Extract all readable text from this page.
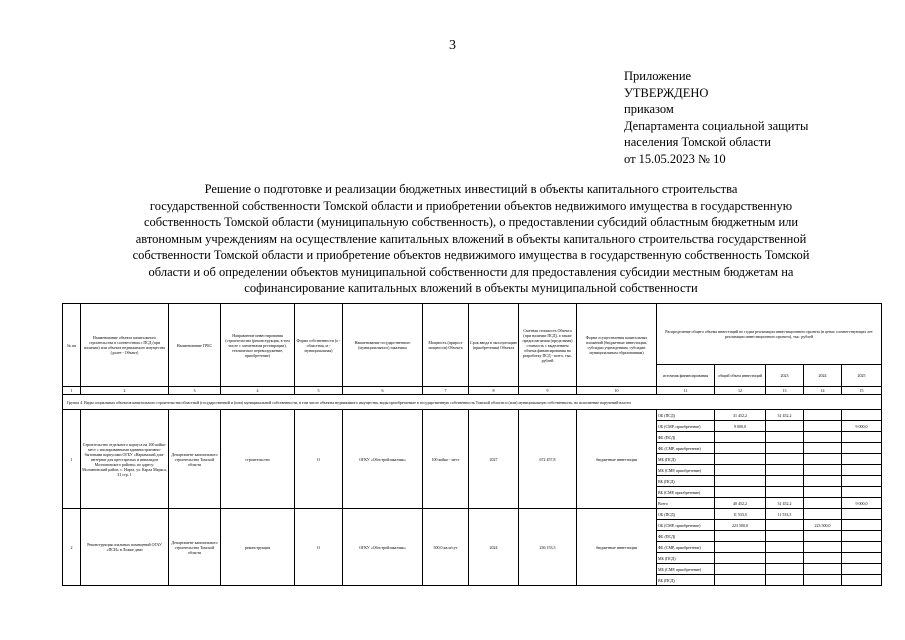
3
Приложение
УТВЕРЖДЕНО
приказом
Департамента социальной защиты
населения Томской области
от 15.05.2023 № 10
Решение о подготовке и реализации бюджетных инвестиций в объекты капитального строительства
государственной собственности Томской области и приобретении объектов недвижимого имущества в государственную
собственность Томской области (муниципальную собственность), о предоставлении субсидий областным бюджетным или
автономным учреждениям на осуществление капитальных вложений в объекты капитального строительства государственной
собственности Томской области и приобретение объектов недвижимого имущества в государственную собственность Томской
области и об определении объектов муниципальной собственности для предоставления субсидии местным бюджетам на
софинансирование капитальных вложений в объекты муниципальной собственности
№ пп	Наименование объекта капитального строительства в соответствии с ПСД (при наличии) или объекта недвижимого имущества (далее - Объект)	Наименование ГРБС	Направление инвестирования (строительство (реконструкция, в том числе с элементами реставрации), техническое перевооружение, приобретение)	Форма собственности (о - областная, м - муниципальная)	Наименование государственного (муниципального) заказчика	Мощность (прирост мощности) Объекта	Срок ввода в эксплуатацию (приобретения) Объекта	Сметная стоимость Объекта (при наличии ПСД), а также предполагаемая (предельная) стоимость с выделением объема финансирования на разработку ПСД - всего, тыс. рублей	Форма осуществления капитальных вложений (бюджетные инвестиции, субсидии учреждениям, субсидии муниципальным образованиям)	Распределение общего объема инвестиций по годам реализации инвестиционного проекта (в ценах соответствующих лет реализации инвестиционного проекта), тыс. рублей				
										источник финансирования	общий объем инвестиций	2023	2024	2025
1	2	3	4	5	6	7	8	9	10	11	12	13	14	15
Группа 4. Виды социальных объектов капитального строительства областной (государственной и (или) муниципальной собственности, в том числе объекты недвижимого имущества, виды приобретаемые в государственную собственность Томской области и (или) муниципальную собственность, во исполнение поручений власти														
1	Строительство отдельного корпуса на 100 койко-мест с изолированными административно-бытовыми корпусами ОГБУ «Нарымский дом-интернат для престарелых и инвалидов Молчановского района» по адресу: Молчановский район, с. Нарга, ул. Карла Маркса, 31 стр. 1	Департамент капитального строительства Томской области	строительство	О	ОГКУ «Облстройзаказчик»	100 койко - мест	2027	672 457,8	бюджетные инвестиции	ОБ (ПСД)	31 452,2	31 452,2		
										ОБ (СМР, приобретение)	9 000,0			9 000,0
										ФБ (ПСД)				
										ФБ (СМР, приобретение)				
										МБ (ПСД)				
										МБ (СМР, приобретение)				
										ВБ (ПСД)				
										ВБ (СМР, приобретение)				
										Всего	40 452,2	31 452,2		9 000,0
2	Реконструкция спальных помещений ОГАУ «ПСИ» в Ложке дачи	Департамент капитального строительства Томской области	реконструкция	О	ОГКУ «Облстройзаказчик»	500,0 кв.м/сут	2024	236 153,5	бюджетные инвестиции	ОБ (ПСД)	11 533,5	11 533,5		
										ОБ (СМР, приобретение)	223 500,0		223 500,0	
										ФБ (ПСД)				
										ФБ (СМР, приобретение)				
										МБ (ПСД)				
										МБ (СМР, приобретение)				
										ВБ (ПСД)				
